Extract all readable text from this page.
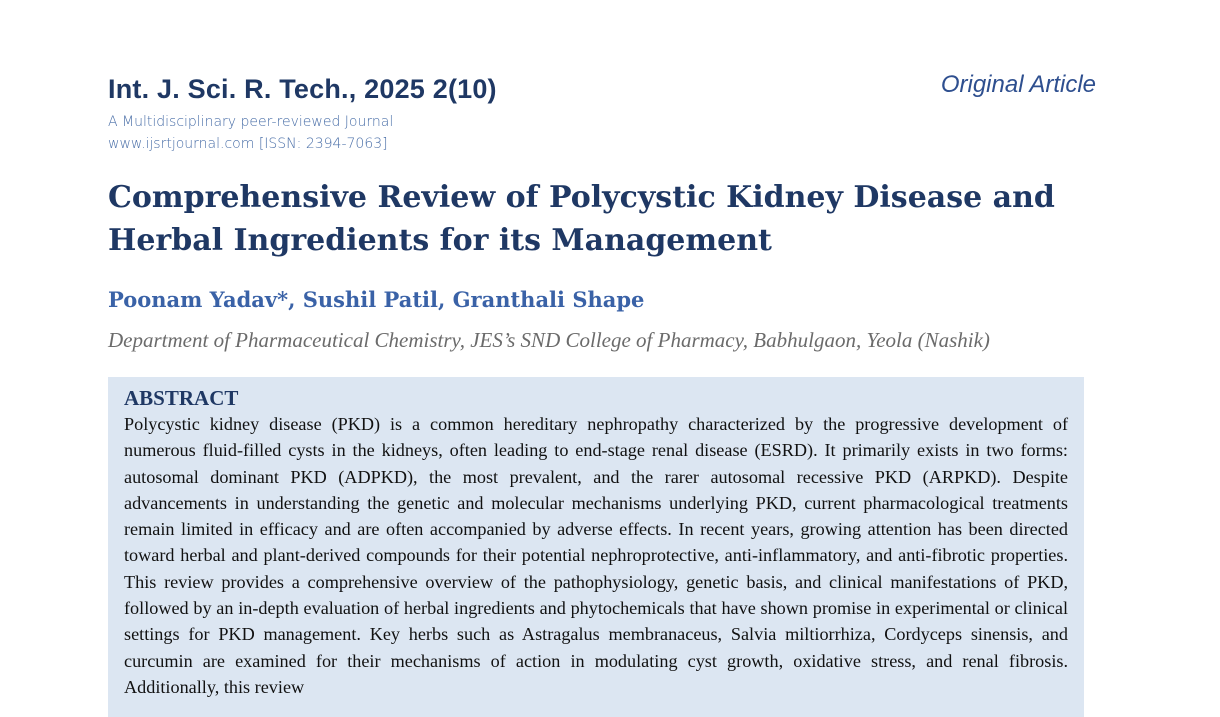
Int. J. Sci. R. Tech., 2025 2(10)
A Multidisciplinary peer-reviewed Journal
www.ijsrtjournal.com [ISSN: 2394-7063]
Original Article
Comprehensive Review of Polycystic Kidney Disease and Herbal Ingredients for its Management
Poonam Yadav*, Sushil Patil, Granthali Shape
Department of Pharmaceutical Chemistry, JES’s SND College of Pharmacy, Babhulgaon, Yeola (Nashik)
ABSTRACT

Polycystic kidney disease (PKD) is a common hereditary nephropathy characterized by the progressive development of numerous fluid-filled cysts in the kidneys, often leading to end-stage renal disease (ESRD). It primarily exists in two forms: autosomal dominant PKD (ADPKD), the most prevalent, and the rarer autosomal recessive PKD (ARPKD). Despite advancements in understanding the genetic and molecular mechanisms underlying PKD, current pharmacological treatments remain limited in efficacy and are often accompanied by adverse effects. In recent years, growing attention has been directed toward herbal and plant-derived compounds for their potential nephroprotective, anti-inflammatory, and anti-fibrotic properties. This review provides a comprehensive overview of the pathophysiology, genetic basis, and clinical manifestations of PKD, followed by an in-depth evaluation of herbal ingredients and phytochemicals that have shown promise in experimental or clinical settings for PKD management. Key herbs such as Astragalus membranaceus, Salvia miltiorrhiza, Cordyceps sinensis, and curcumin are examined for their mechanisms of action in modulating cyst growth, oxidative stress, and renal fibrosis. Additionally, this review
